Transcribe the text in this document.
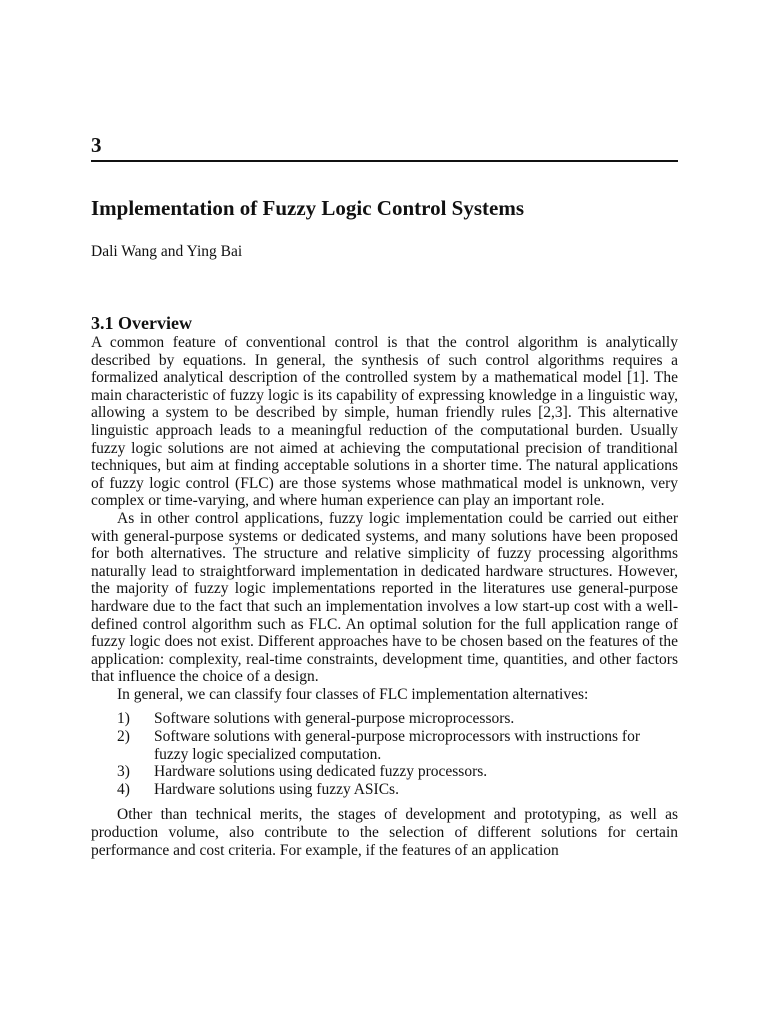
3
Implementation of Fuzzy Logic Control Systems
Dali Wang and Ying Bai
3.1 Overview

A common feature of conventional control is that the control algorithm is analytically described by equations. In general, the synthesis of such control algorithms requires a formalized analytical description of the controlled system by a mathematical model [1]. The main characteristic of fuzzy logic is its capability of expressing knowledge in a linguistic way, allowing a system to be described by simple, human friendly rules [2,3]. This alternative linguistic approach leads to a meaningful reduction of the computational burden. Usually fuzzy logic solutions are not aimed at achieving the computational precision of tranditional techniques, but aim at finding acceptable solutions in a shorter time. The natural applications of fuzzy logic control (FLC) are those systems whose mathmatical model is unknown, very complex or time-varying, and where human experience can play an important role.

As in other control applications, fuzzy logic implementation could be carried out either with general-purpose systems or dedicated systems, and many solutions have been proposed for both alternatives. The structure and relative simplicity of fuzzy processing algorithms naturally lead to straightforward implementation in dedicated hardware structures. However, the majority of fuzzy logic implementations reported in the literatures use general-purpose hardware due to the fact that such an implementation involves a low start-up cost with a well-defined control algorithm such as FLC. An optimal solution for the full application range of fuzzy logic does not exist. Different approaches have to be chosen based on the features of the application: complexity, real-time constraints, development time, quantities, and other factors that influence the choice of a design.

In general, we can classify four classes of FLC implementation alternatives:

1) Software solutions with general-purpose microprocessors.
2) Software solutions with general-purpose microprocessors with instructions for fuzzy logic specialized computation.
3) Hardware solutions using dedicated fuzzy processors.
4) Hardware solutions using fuzzy ASICs.

Other than technical merits, the stages of development and prototyping, as well as production volume, also contribute to the selection of different solutions for certain performance and cost criteria. For example, if the features of an application
